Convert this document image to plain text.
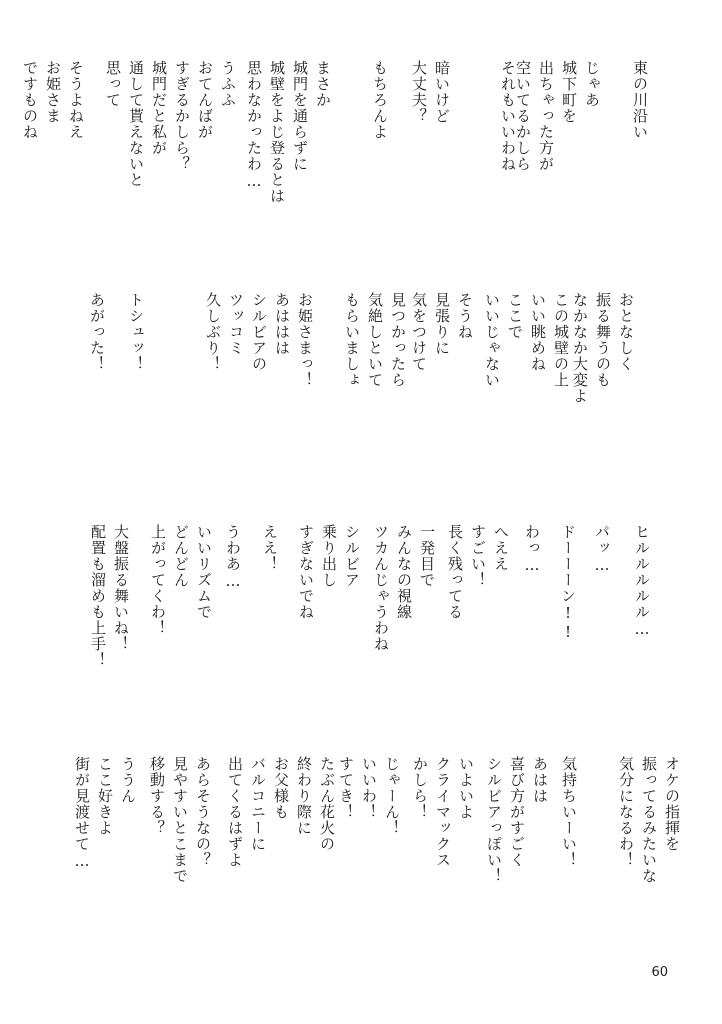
東の川沿い
じゃあ
城下町を
出ちゃった方が
空いてるかしら
それもいいわね
暗いけど
大丈夫？
もちろんよ
まさか
城門を通らずに
城壁をよじ登るとは
思わなかったわ…
うふふ
おてんばが
すぎるかしら？
城門だと私が
通して貰えないと
思って
そうよねえ
お姫さま
ですものね
おとなしく
振る舞うのも
なかなか大変よ
この城壁の上
いい眺めね
ここで
いいじゃない
そうね
見張りに
気をつけて
見つかったら
気絶しといて
もらいましょ
お姫さまっ！
あははは
シルビアの
ツッコミ
久しぶり！
トシュッ！
あがった！
ヒルルルルル…
パッ…
ドーーーン!!
わっ…
へええ
すごい！
長く残ってる
一発目で
みんなの視線
ツカんじゃうわね
シルビア
乗り出し
すぎないでね
ええ！
うわあ…
いいリズムで
どんどん
上がってくわ！
大盤振る舞いね！
配置も溜めも上手！
オケの指揮を
振ってるみたいな
気分になるわ！
気持ちいーい！
あはは
喜び方がすごく
シルビアっぽい！
いよいよ
クライマックス
かしら！
じゃーん！
いいわ！
すてき！
たぶん花火の
終わり際に
お父様も
バルコニーに
出てくるはずよ
あらそうなの？
見やすいとこまで
移動する？
ううん
ここ好きよ
街が見渡せて…
60
